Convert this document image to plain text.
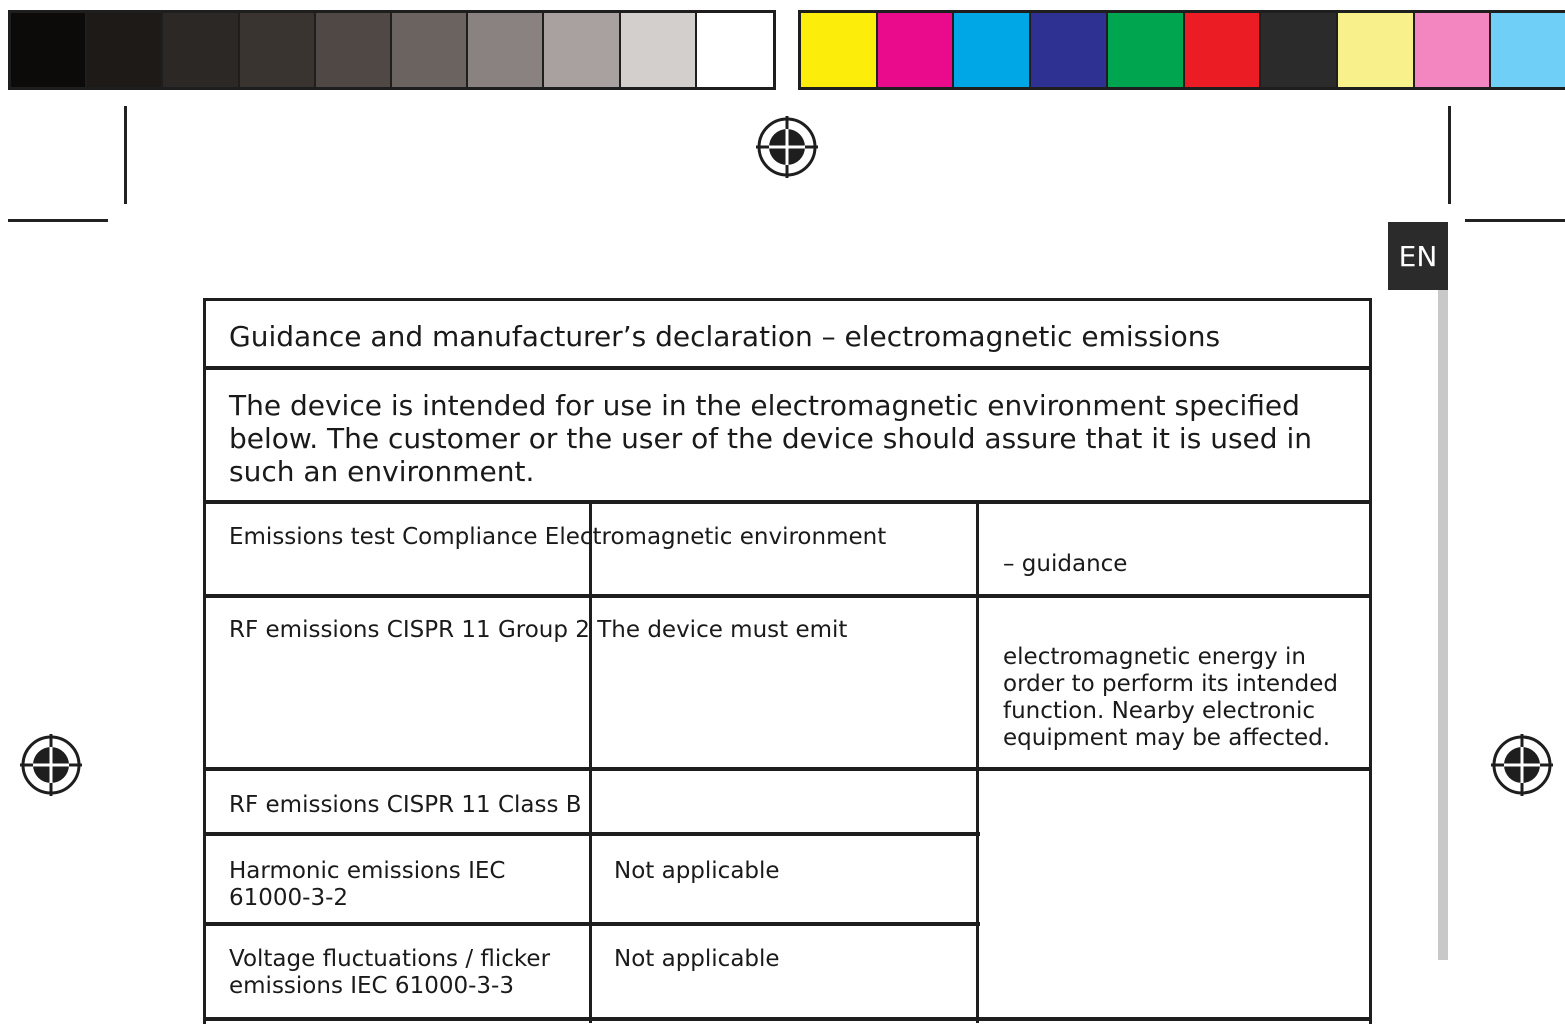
EN
Guidance and manufacturer’s declaration – electromagnetic emissions
The device is intended for use in the electromagnetic environment specified below. The customer or the user of the device should assure that it is used in such an environment.
Emissions test Compliance Electromagnetic environment
– guidance
RF emissions CISPR 11 Group 2 The device must emit
electromagnetic energy in order to perform its intended function. Nearby electronic equipment may be affected.
RF emissions CISPR 11 Class B
Harmonic emissions IEC 61000-3-2
Not applicable
Voltage fluctuations / flicker emissions IEC 61000-3-3
Not applicable
